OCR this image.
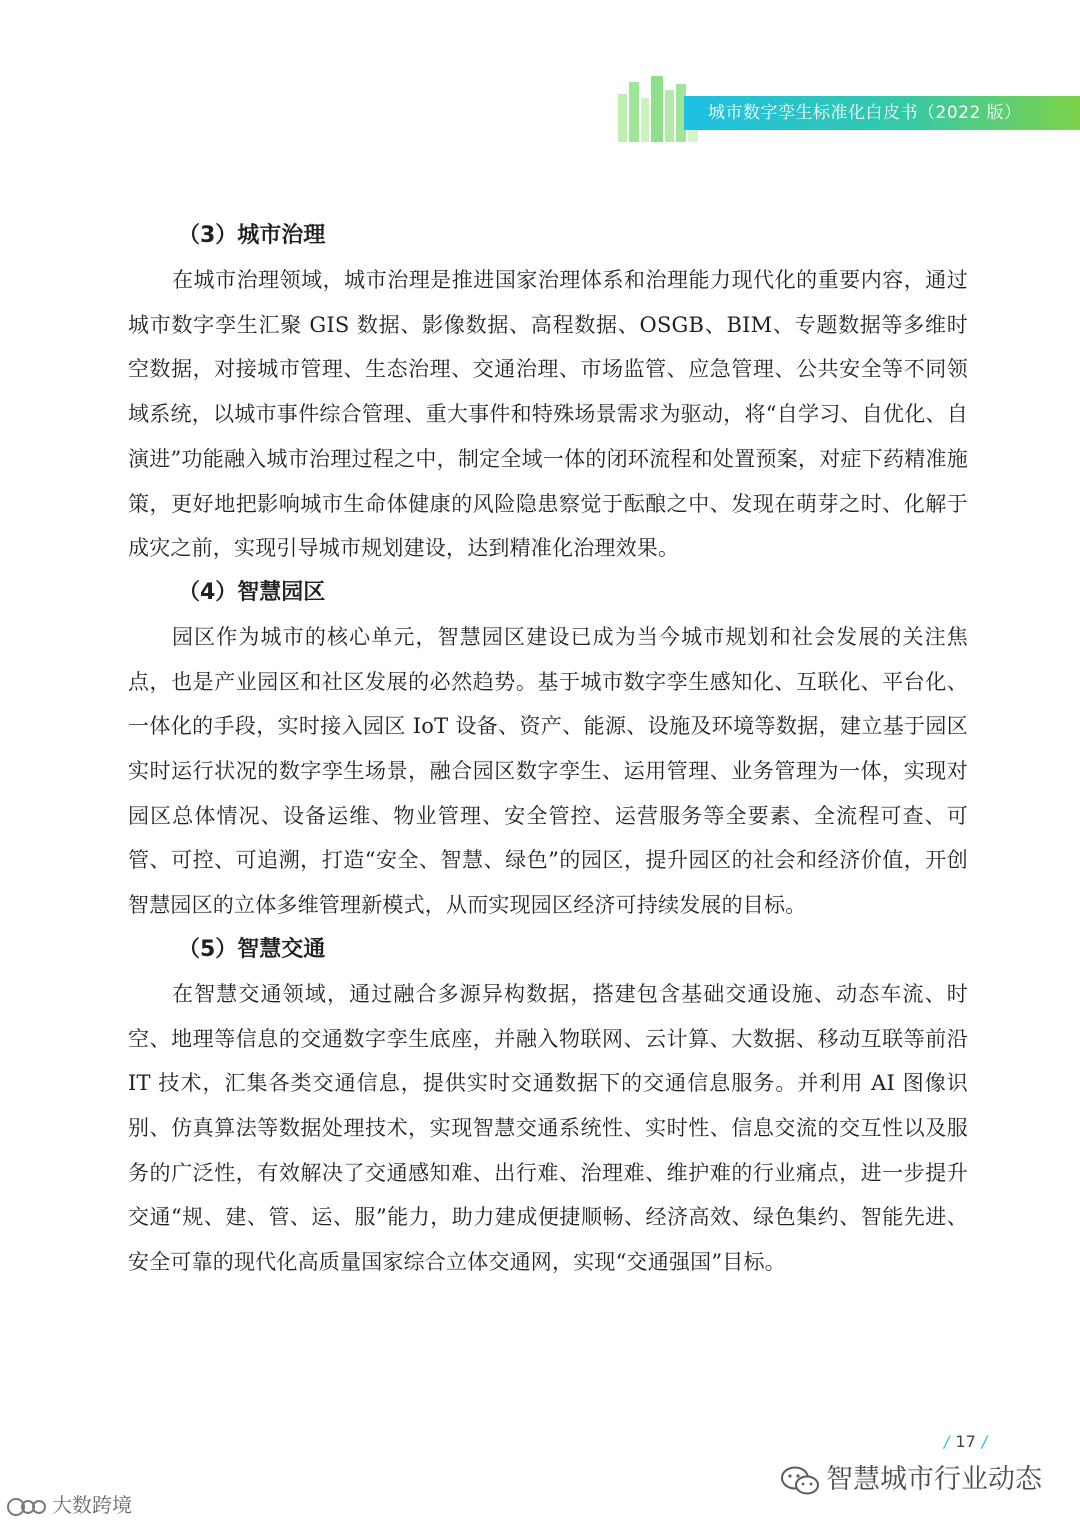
城市数字孪生标准化白皮书（2022 版）
（3）城市治理

在城市治理领域，城市治理是推进国家治理体系和治理能力现代化的重要内容，通过城市数字孪生汇聚 GIS 数据、影像数据、高程数据、OSGB、BIM、专题数据等多维时空数据，对接城市管理、生态治理、交通治理、市场监管、应急管理、公共安全等不同领域系统，以城市事件综合管理、重大事件和特殊场景需求为驱动，将“自学习、自优化、自演进”功能融入城市治理过程之中，制定全域一体的闭环流程和处置预案，对症下药精准施策，更好地把影响城市生命体健康的风险隐患察觉于酝酿之中、发现在萌芽之时、化解于成灾之前，实现引导城市规划建设，达到精准化治理效果。

（4）智慧园区

园区作为城市的核心单元，智慧园区建设已成为当今城市规划和社会发展的关注焦点，也是产业园区和社区发展的必然趋势。基于城市数字孪生感知化、互联化、平台化、一体化的手段，实时接入园区 IoT 设备、资产、能源、设施及环境等数据，建立基于园区实时运行状况的数字孪生场景，融合园区数字孪生、运用管理、业务管理为一体，实现对园区总体情况、设备运维、物业管理、安全管控、运营服务等全要素、全流程可查、可管、可控、可追溯，打造“安全、智慧、绿色”的园区，提升园区的社会和经济价值，开创智慧园区的立体多维管理新模式，从而实现园区经济可持续发展的目标。

（5）智慧交通

在智慧交通领域，通过融合多源异构数据，搭建包含基础交通设施、动态车流、时空、地理等信息的交通数字孪生底座，并融入物联网、云计算、大数据、移动互联等前沿 IT 技术，汇集各类交通信息，提供实时交通数据下的交通信息服务。并利用 AI 图像识别、仿真算法等数据处理技术，实现智慧交通系统性、实时性、信息交流的交互性以及服务的广泛性，有效解决了交通感知难、出行难、治理难、维护难的行业痛点，进一步提升交通“规、建、管、运、服”能力，助力建成便捷顺畅、经济高效、绿色集约、智能先进、安全可靠的现代化高质量国家综合立体交通网，实现“交通强国”目标。

/ 17 /
智慧城市行业动态
大数跨境
